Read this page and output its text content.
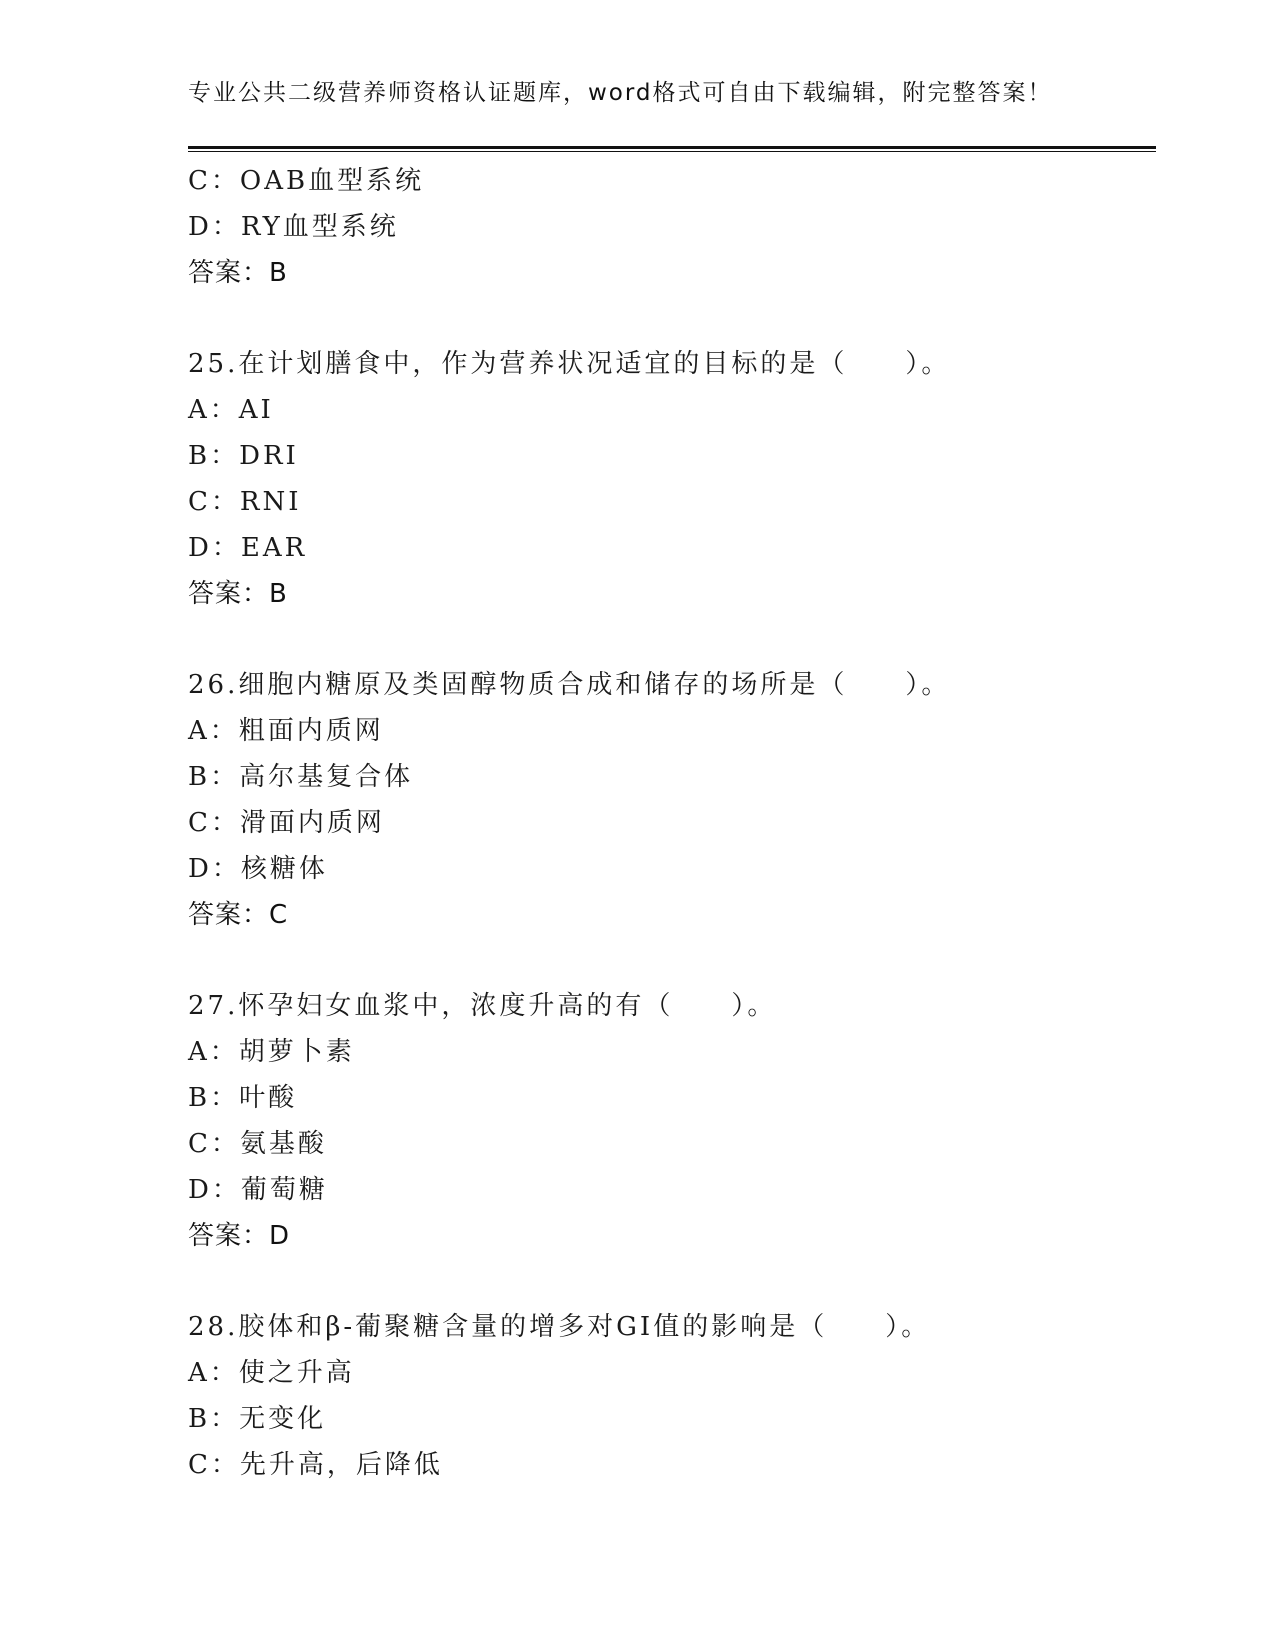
专业公共二级营养师资格认证题库，word格式可自由下载编辑，附完整答案！
C：OAB血型系统
D：RY血型系统
答案：B
25.在计划膳食中，作为营养状况适宜的目标的是（　　）。
A：AI
B：DRI
C：RNI
D：EAR
答案：B
26.细胞内糖原及类固醇物质合成和储存的场所是（　　）。
A：粗面内质网
B：高尔基复合体
C：滑面内质网
D：核糖体
答案：C
27.怀孕妇女血浆中，浓度升高的有（　　）。
A：胡萝卜素
B：叶酸
C：氨基酸
D：葡萄糖
答案：D
28.胶体和β-葡聚糖含量的增多对GI值的影响是（　　）。
A：使之升高
B：无变化
C：先升高，后降低
